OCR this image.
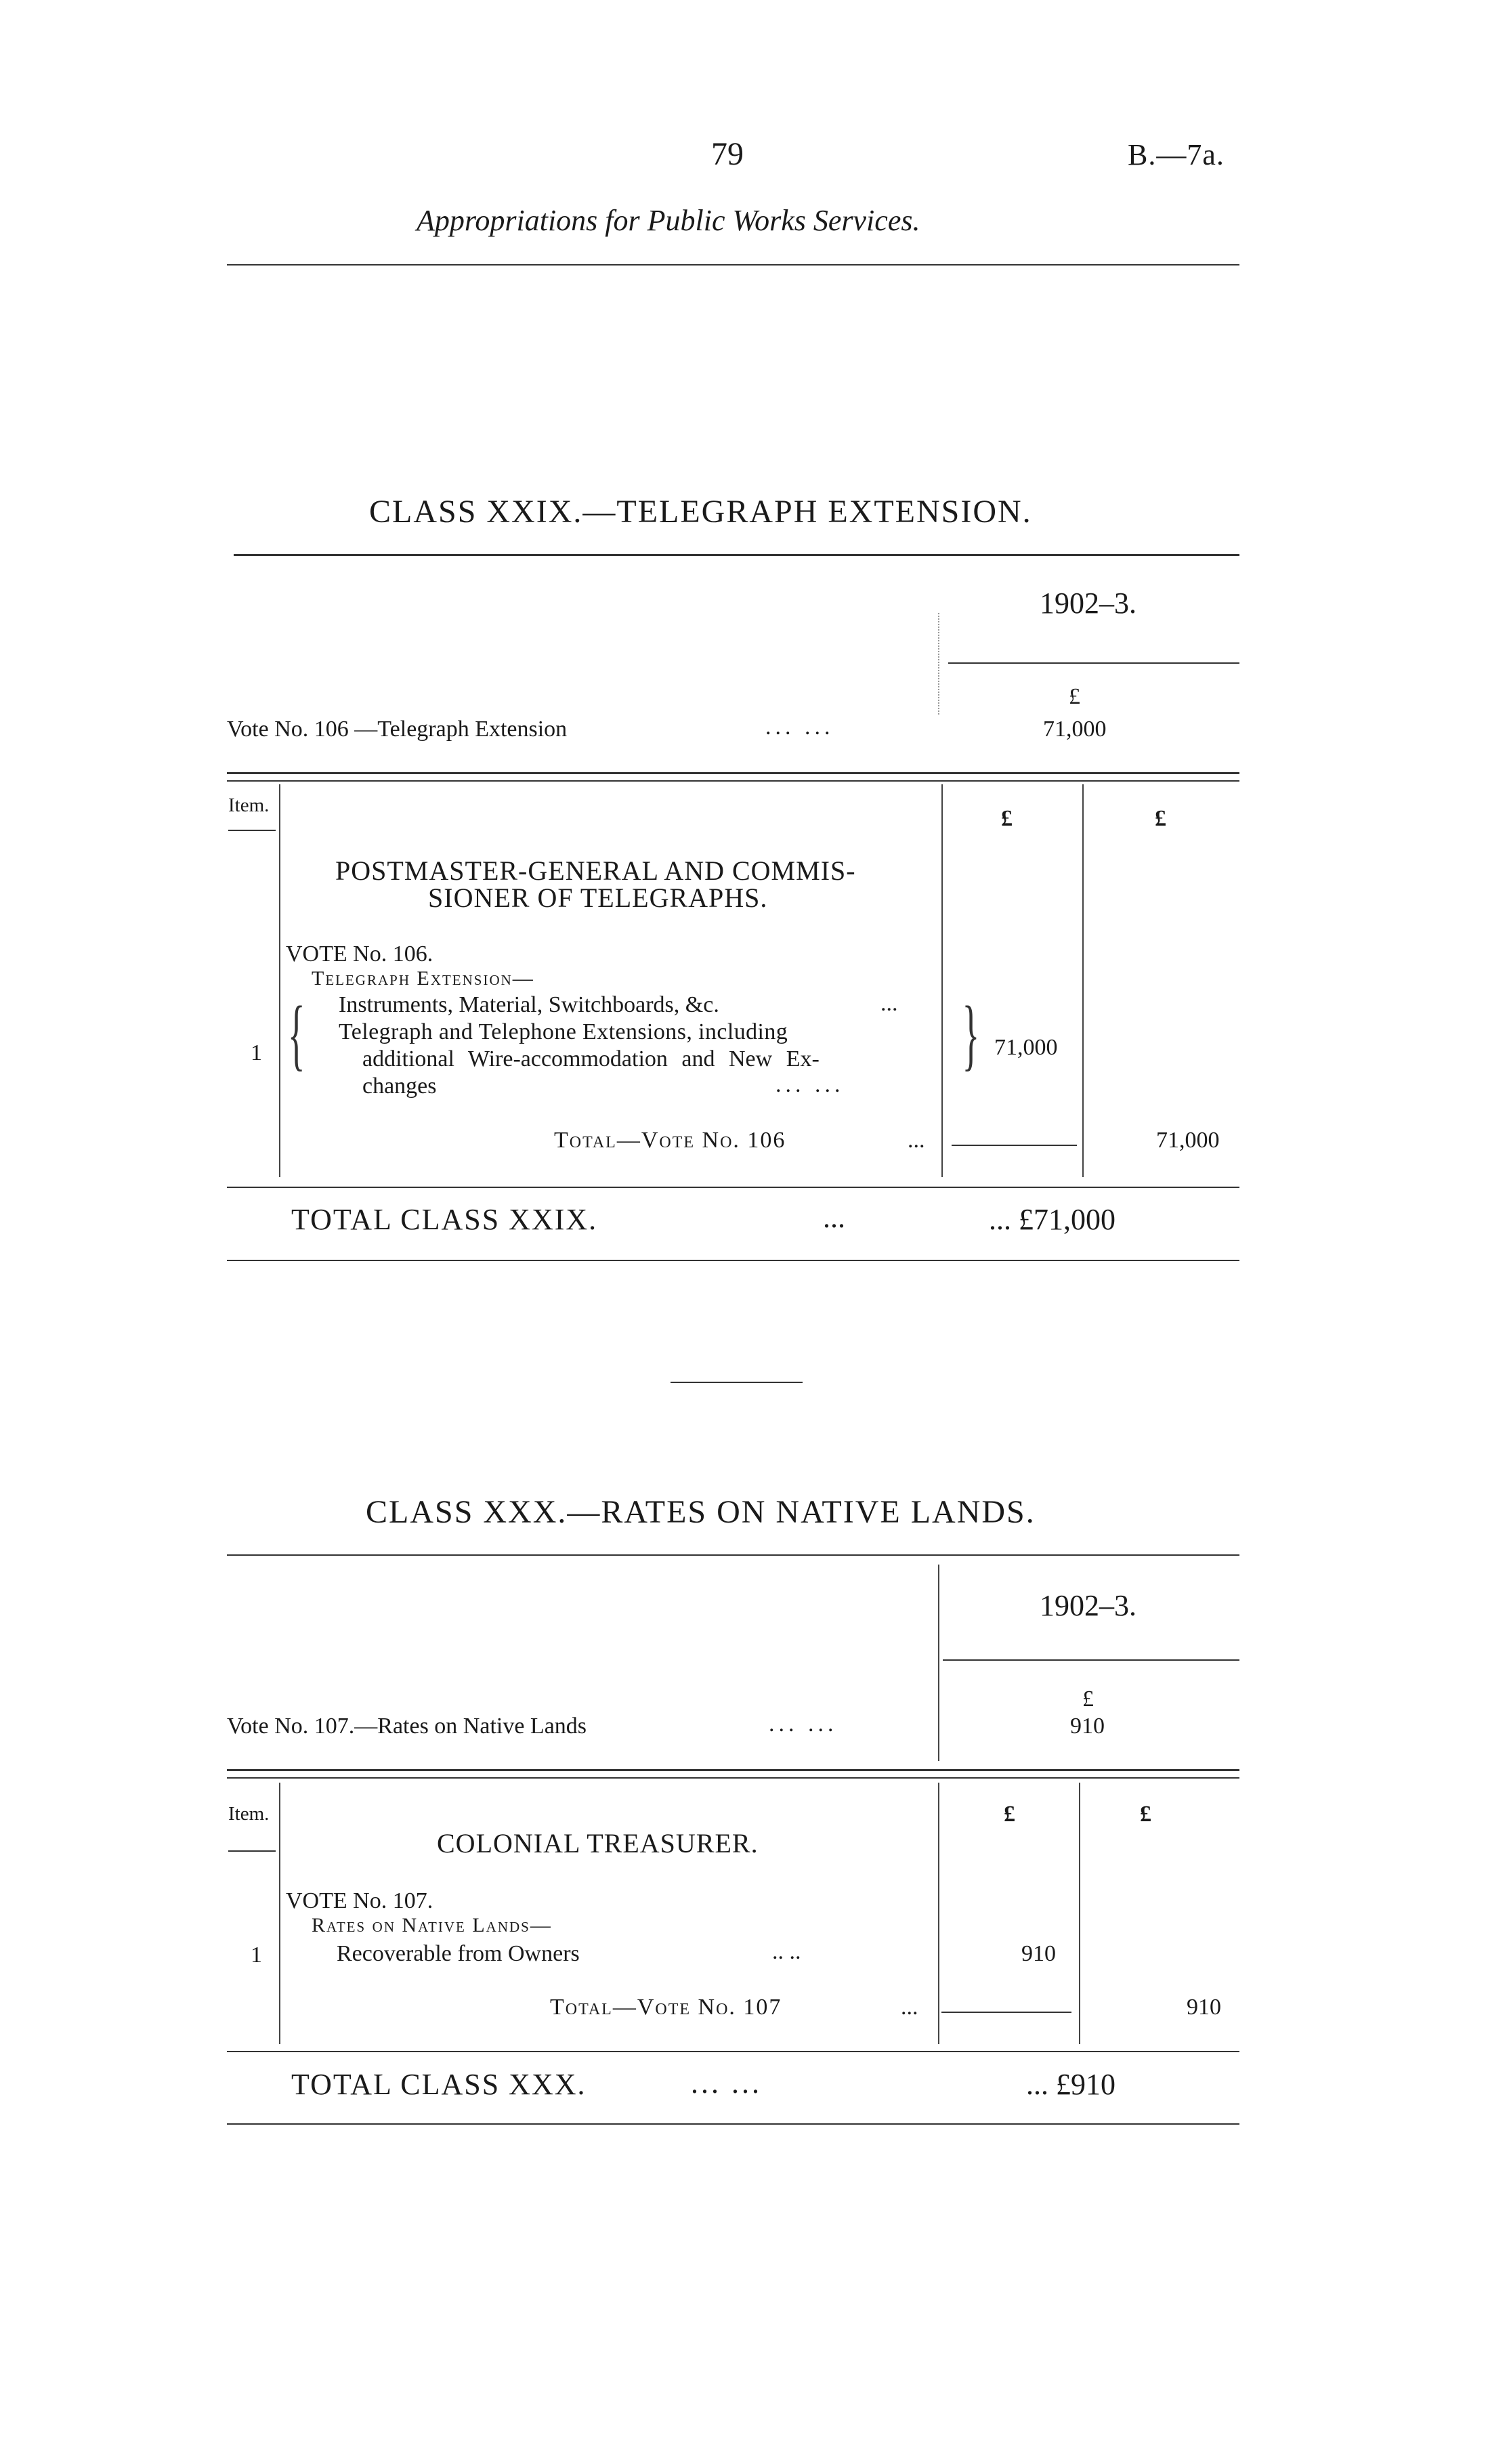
79	B.—7a.
Appropriations for Public Works Services.
CLASS XXIX.—TELEGRAPH EXTENSION.
1902–3.
£
Vote No. 106 —Telegraph Extension	... ...	71,000
Item.
£	£
POSTMASTER-GENERAL AND COMMIS-
SIONER OF TELEGRAPHS.
VOTE No. 106.
Telegraph Extension—
1 { Instruments, Material, Switchboards, &c.	...
Telegraph and Telephone Extensions, including
additional Wire-accommodation and New Ex-
changes	... ...
{ 71,000
Total—Vote No. 106	...	71,000
TOTAL CLASS XXIX.	...	... £71,000
CLASS XXX.—RATES ON NATIVE LANDS.
1902–3.
£
Vote No. 107.—Rates on Native Lands	... ...	910
Item.	£	£
COLONIAL TREASURER.
VOTE No. 107.
Rates on Native Lands—
1	Recoverable from Owners	.. ..	910
Total—Vote No. 107	...	910
TOTAL CLASS XXX.	... ...	... £910
